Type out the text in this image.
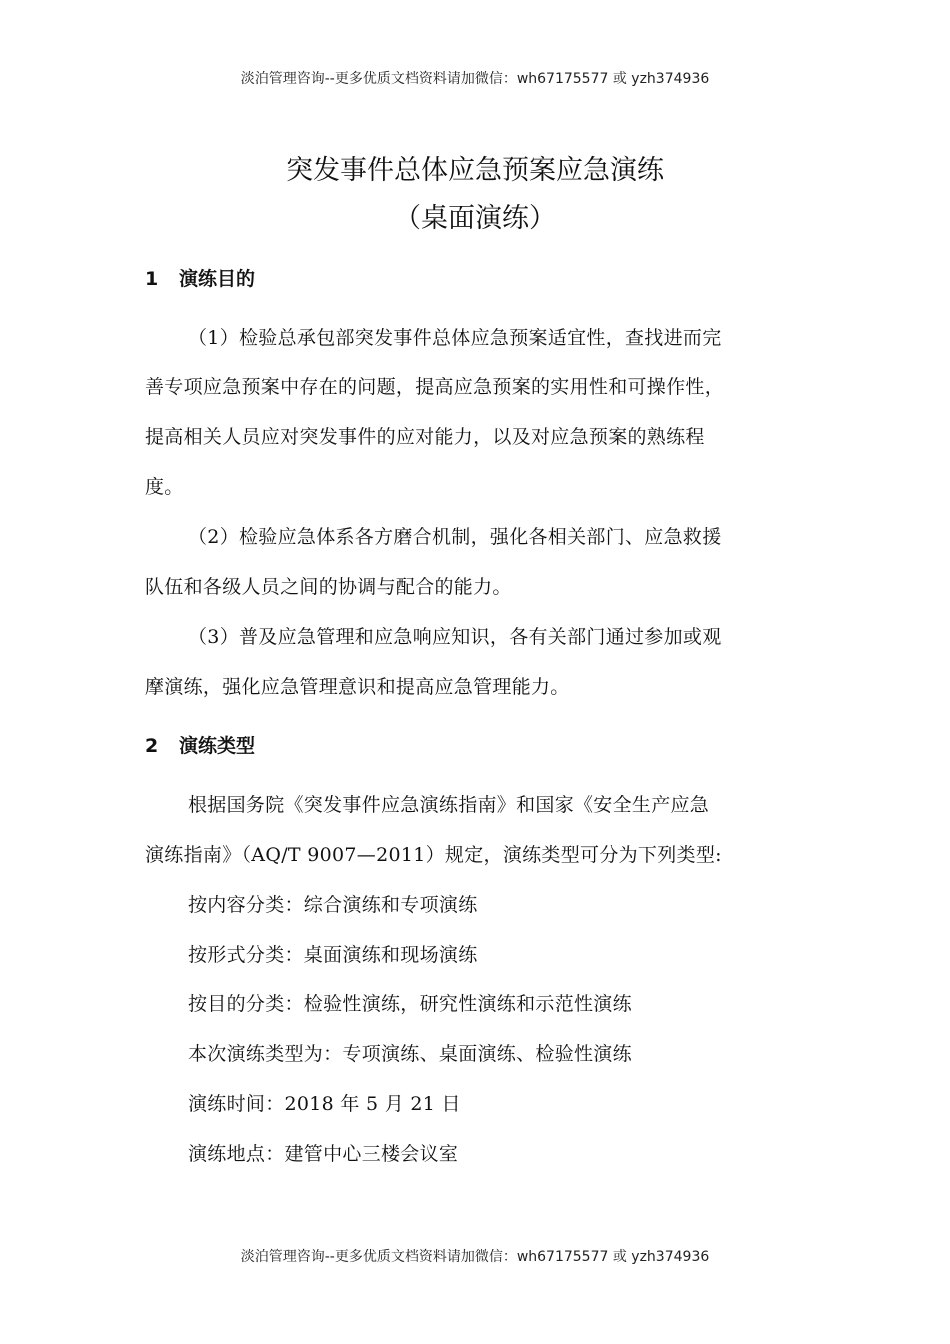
淡泊管理咨询--更多优质文档资料请加微信：wh67175577 或 yzh374936
突发事件总体应急预案应急演练
（桌面演练）
1 演练目的
（1）检验总承包部突发事件总体应急预案适宜性，查找进而完
善专项应急预案中存在的问题，提高应急预案的实用性和可操作性，
提高相关人员应对突发事件的应对能力，以及对应急预案的熟练程
度。
（2）检验应急体系各方磨合机制，强化各相关部门、应急救援
队伍和各级人员之间的协调与配合的能力。
（3）普及应急管理和应急响应知识，各有关部门通过参加或观
摩演练，强化应急管理意识和提高应急管理能力。
2 演练类型
根据国务院《突发事件应急演练指南》和国家《安全生产应急
演练指南》（AQ/T 9007—2011）规定，演练类型可分为下列类型:
按内容分类：综合演练和专项演练
按形式分类：桌面演练和现场演练
按目的分类：检验性演练，研究性演练和示范性演练
本次演练类型为：专项演练、桌面演练、检验性演练
演练时间：2018 年 5 月 21 日
演练地点：建管中心三楼会议室
淡泊管理咨询--更多优质文档资料请加微信：wh67175577 或 yzh374936
